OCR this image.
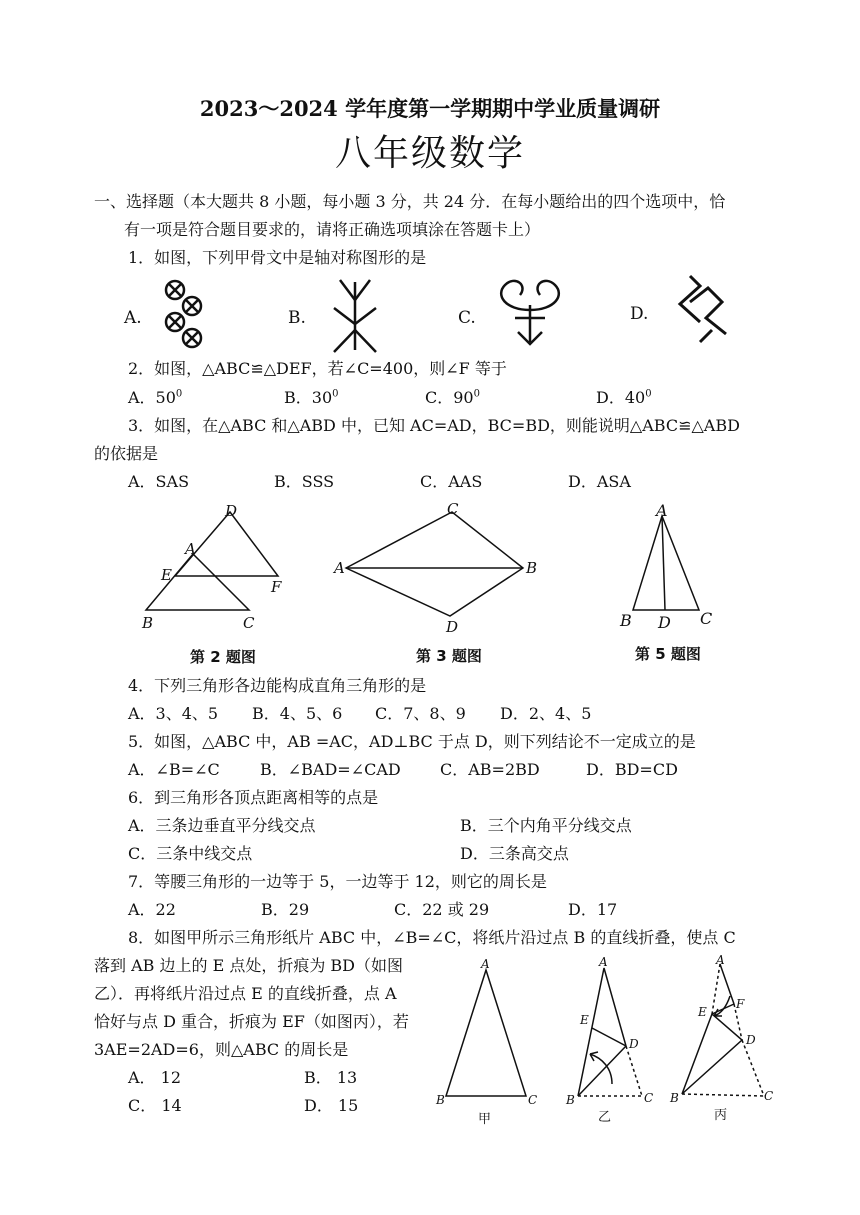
2023～2024 学年度第一学期期中学业质量调研
八年级数学
一、选择题（本大题共 8 小题，每小题 3 分，共 24 分．在每小题给出的四个选项中，恰
有一项是符合题目要求的，请将正确选项填涂在答题卡上）
1．如图，下列甲骨文中是轴对称图形的是
A.	B.	C.	D.
2．如图，△ABC≌△DEF，若∠C=400，则∠F 等于
A．$50^0$	B．$30^0$	C．$90^0$	D．$40^0$
3．如图，在△ABC 和△ABD 中，已知 AC=AD，BC=BD，则能说明△ABC≌△ABD
的依据是
A．SAS	B．SSS	C．AAS	D．ASA
D
A
E
F
B	C
C
A	B
D
A
B D C
第 2 题图	第 3 题图	第 5 题图
4．下列三角形各边能构成直角三角形的是
A．3、4、5 B．4、5、6 C．7、8、9 D．2、4、5
5．如图，△ABC 中，AB =AC，AD⊥BC 于点 D，则下列结论不一定成立的是
A．∠B=∠C	B．∠BAD=∠CAD C．AB=2BD	D．BD=CD
6．到三角形各顶点距离相等的点是
A．三条边垂直平分线交点	B．三个内角平分线交点
C．三条中线交点	D．三条高交点
7．等腰三角形的一边等于 5，一边等于 12，则它的周长是
A．22	B．29	C．22 或 29	D．17
8．如图甲所示三角形纸片 ABC 中，∠B=∠C，将纸片沿过点 B 的直线折叠，使点 C
落到 AB 边上的 E 点处，折痕为 BD（如图
乙）．再将纸片沿过点 E 的直线折叠，点 A
恰好与点 D 重合，折痕为 EF（如图丙），若
3AE=2AD=6，则△ABC 的周长是
A． 12	B． 13
C． 14	D． 15
A
B	C
A
E
D
B	C
A
F
E
D
B	C
甲	乙	丙
